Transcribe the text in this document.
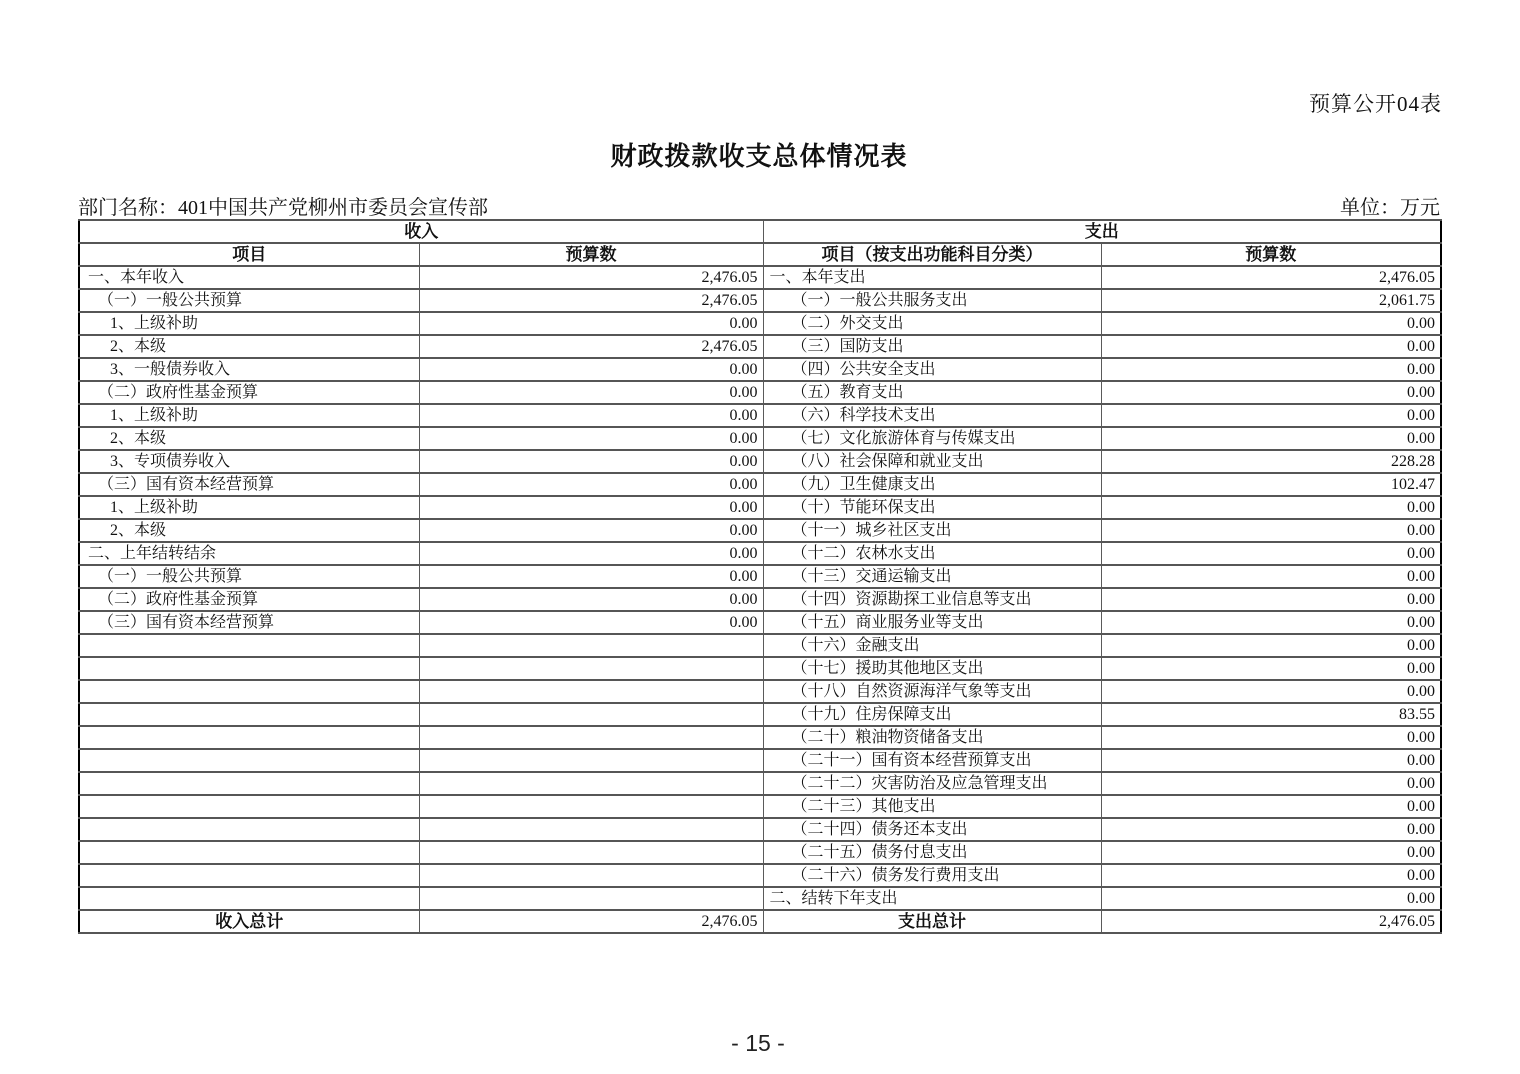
预算公开04表
财政拨款收支总体情况表
部门名称：401中国共产党柳州市委员会宣传部	单位：万元
收入		支出	
项目	预算数	项目（按支出功能科目分类）	预算数
一、本年收入	2,476.05	一、本年支出	2,476.05
（一）一般公共预算	2,476.05	（一）一般公共服务支出	2,061.75
1、上级补助	0.00	（二）外交支出	0.00
2、本级	2,476.05	（三）国防支出	0.00
3、一般债券收入	0.00	（四）公共安全支出	0.00
（二）政府性基金预算	0.00	（五）教育支出	0.00
1、上级补助	0.00	（六）科学技术支出	0.00
2、本级	0.00	（七）文化旅游体育与传媒支出	0.00
3、专项债券收入	0.00	（八）社会保障和就业支出	228.28
（三）国有资本经营预算	0.00	（九）卫生健康支出	102.47
1、上级补助	0.00	（十）节能环保支出	0.00
2、本级	0.00	（十一）城乡社区支出	0.00
二、上年结转结余	0.00	（十二）农林水支出	0.00
（一）一般公共预算	0.00	（十三）交通运输支出	0.00
（二）政府性基金预算	0.00	（十四）资源勘探工业信息等支出	0.00
（三）国有资本经营预算	0.00	（十五）商业服务业等支出	0.00
		（十六）金融支出	0.00
		（十七）援助其他地区支出	0.00
		（十八）自然资源海洋气象等支出	0.00
		（十九）住房保障支出	83.55
		（二十）粮油物资储备支出	0.00
		（二十一）国有资本经营预算支出	0.00
		（二十二）灾害防治及应急管理支出	0.00
		（二十三）其他支出	0.00
		（二十四）债务还本支出	0.00
		（二十五）债务付息支出	0.00
		（二十六）债务发行费用支出	0.00
		二、结转下年支出	0.00
收入总计	2,476.05	支出总计	2,476.05
- 15 -
